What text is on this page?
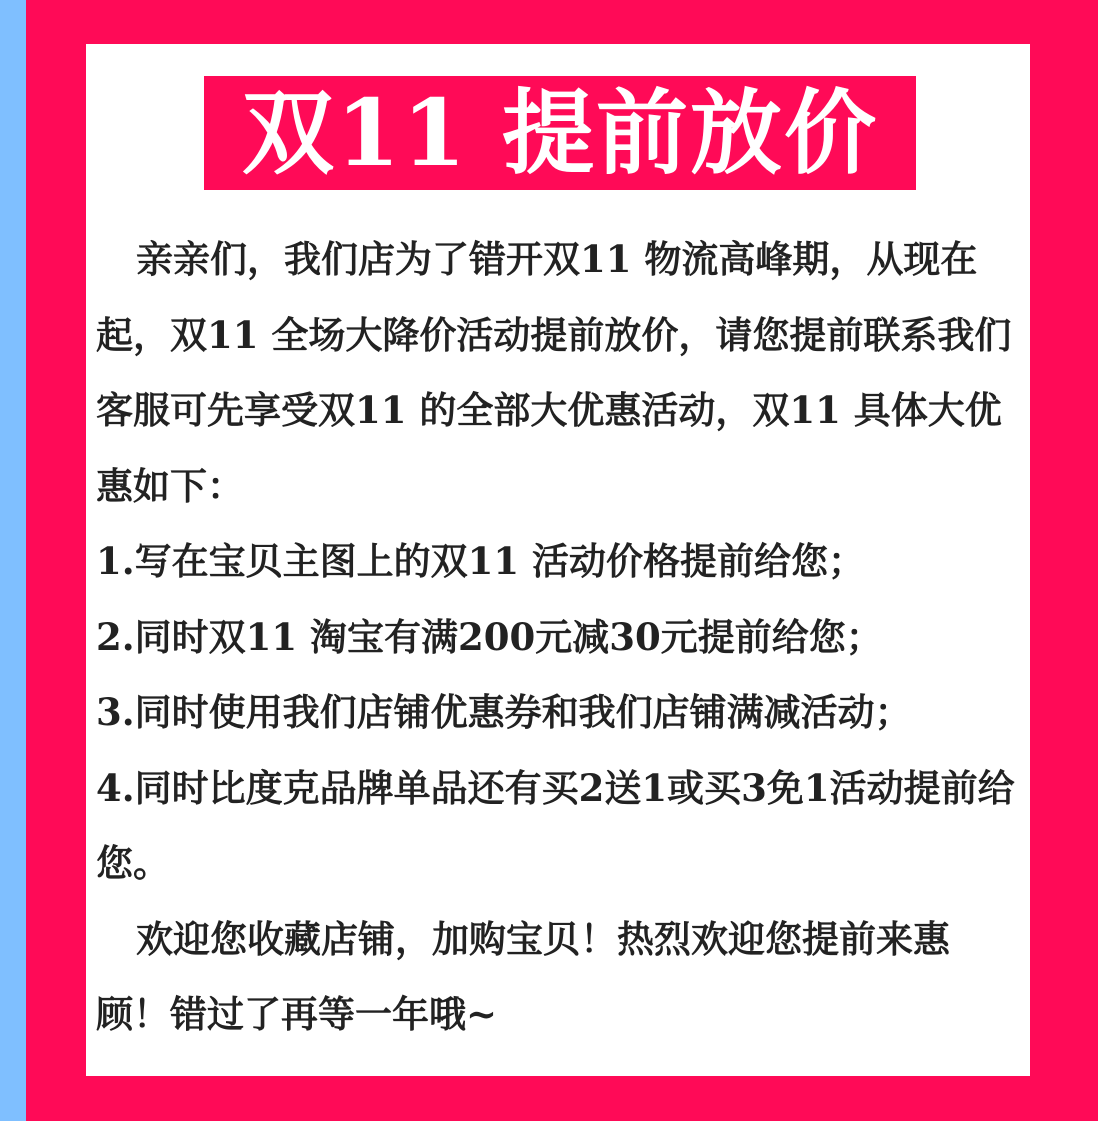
双11 提前放价

亲亲们，我们店为了错开双11 物流高峰期，从现在起，双11 全场大降价活动提前放价，请您提前联系我们客服可先享受双11 的全部大优惠活动，双11 具体大优惠如下：

1.写在宝贝主图上的双11 活动价格提前给您；

2.同时双11 淘宝有满200元减30元提前给您；

3.同时使用我们店铺优惠券和我们店铺满减活动；

4.同时比度克品牌单品还有买2送1或买3免1活动提前给您。

欢迎您收藏店铺，加购宝贝！热烈欢迎您提前来惠顾！错过了再等一年哦~
